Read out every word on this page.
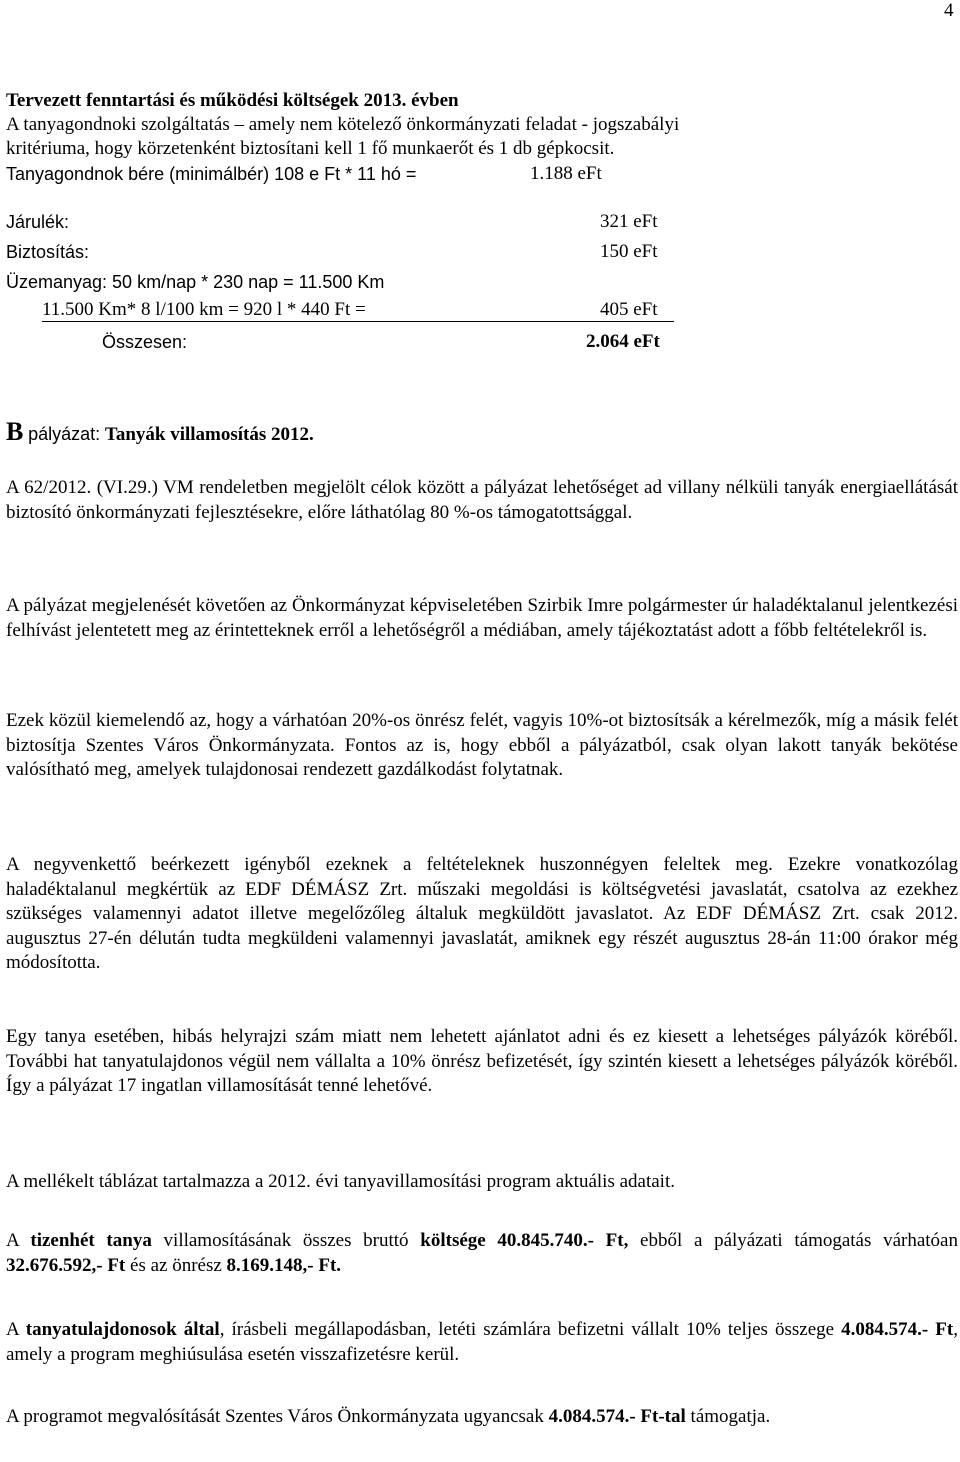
4
Tervezett fenntartási és működési költségek 2013. évben
A tanyagondnoki szolgáltatás – amely nem kötelező önkormányzati feladat - jogszabályi
kritériuma, hogy körzetenként biztosítani kell 1 fő munkaerőt és 1 db gépkocsit.
Tanyagondnok bére (minimálbér) 108 e Ft * 11 hó =	1.188 eFt
Járulék:	321 eFt
Biztosítás:	150 eFt
Üzemanyag: 50 km/nap * 230 nap = 11.500 Km
11.500 Km* 8 l/100 km = 920 l * 440 Ft =	405 eFt
Összesen:	2.064 eFt
B pályázat: Tanyák villamosítás 2012.
A 62/2012. (VI.29.) VM rendeletben megjelölt célok között a pályázat lehetőséget ad villany nélküli tanyák energiaellátását biztosító önkormányzati fejlesztésekre, előre láthatólag 80 %-os támogatottsággal.
A pályázat megjelenését követően az Önkormányzat képviseletében Szirbik Imre polgármester úr haladéktalanul jelentkezési felhívást jelentetett meg az érintetteknek erről a lehetőségről a médiában, amely tájékoztatást adott a főbb feltételekről is.
Ezek közül kiemelendő az, hogy a várhatóan 20%-os önrész felét, vagyis 10%-ot biztosítsák a kérelmezők, míg a másik felét biztosítja Szentes Város Önkormányzata. Fontos az is, hogy ebből a pályázatból, csak olyan lakott tanyák bekötése valósítható meg, amelyek tulajdonosai rendezett gazdálkodást folytatnak.
A negyvenkettő beérkezett igényből ezeknek a feltételeknek huszonnégyen feleltek meg. Ezekre vonatkozólag haladéktalanul megkértük az EDF DÉMÁSZ Zrt. műszaki megoldási is költségvetési javaslatát, csatolva az ezekhez szükséges valamennyi adatot illetve megelőzőleg általuk megküldött javaslatot. Az EDF DÉMÁSZ Zrt. csak 2012. augusztus 27-én délután tudta megküldeni valamennyi javaslatát, amiknek egy részét augusztus 28-án 11:00 órakor még módosította.
Egy tanya esetében, hibás helyrajzi szám miatt nem lehetett ajánlatot adni és ez kiesett a lehetséges pályázók köréből. További hat tanyatulajdonos végül nem vállalta a 10% önrész befizetését, így szintén kiesett a lehetséges pályázók köréből. Így a pályázat 17 ingatlan villamosítását tenné lehetővé.
A mellékelt táblázat tartalmazza a 2012. évi tanyavillamosítási program aktuális adatait.
A tizenhét tanya villamosításának összes bruttó költsége 40.845.740.- Ft, ebből a pályázati támogatás várhatóan 32.676.592,- Ft és az önrész 8.169.148,- Ft.
A tanyatulajdonosok által, írásbeli megállapodásban, letéti számlára befizetni vállalt 10% teljes összege 4.084.574.- Ft, amely a program meghiúsulása esetén visszafizetésre kerül.
A programot megvalósítását Szentes Város Önkormányzata ugyancsak 4.084.574.- Ft-tal támogatja.
